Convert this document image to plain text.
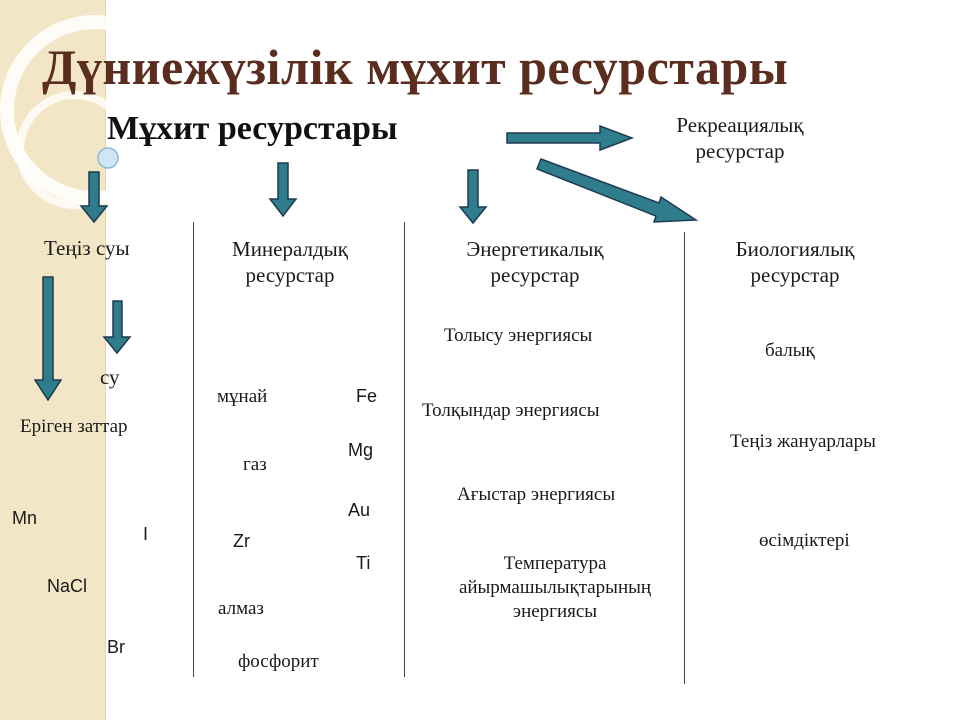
Дүниежүзілік мұхит ресурстары
Мұхит ресурстары	Рекреациялық ресурстар
Теңіз суы	Минералдық ресурстар
Энергетикалық ресурстар
Биологиялық ресурстар
су
Еріген заттар
Mn
I
NaCl
Br
мұнай
газ
Zr
алмаз
фосфорит
Fe
Mg
Au
Ti
Толысу энергиясы
Толқындар энергиясы
Ағыстар энергиясы
Температура айырмашылықтарының энергиясы
балық
Теңіз жануарлары
өсімдіктері
